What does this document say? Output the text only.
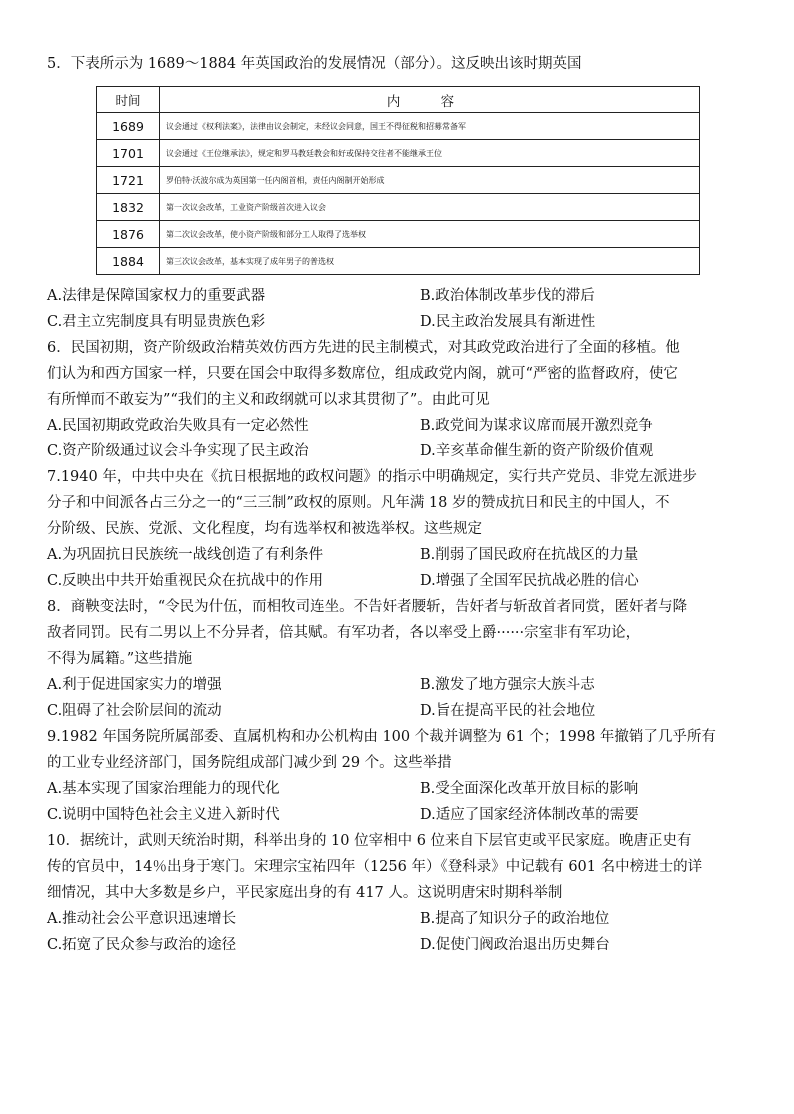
5．下表所示为 1689～1884 年英国政治的发展情况（部分）。这反映出该时期英国
时间	内 容
1689	议会通过《权利法案》，法律由议会制定，未经议会同意，国王不得征税和招募常备军
1701	议会通过《王位继承法》，规定和罗马教廷教会和好或保持交往者不能继承王位
1721	罗伯特·沃波尔成为英国第一任内阁首相，责任内阁制开始形成
1832	第一次议会改革，工业资产阶级首次进入议会
1876	第二次议会改革，使小资产阶级和部分工人取得了选举权
1884	第三次议会改革，基本实现了成年男子的普选权
A.法律是保障国家权力的重要武器	B.政治体制改革步伐的滞后
C.君主立宪制度具有明显贵族色彩	D.民主政治发展具有渐进性
6．民国初期，资产阶级政治精英效仿西方先进的民主制模式，对其政党政治进行了全面的移植。他
们认为和西方国家一样，只要在国会中取得多数席位，组成政党内阁，就可“严密的监督政府，使它
有所惮而不敢妄为”“我们的主义和政纲就可以求其贯彻了”。由此可见
A.民国初期政党政治失败具有一定必然性	B.政党间为谋求议席而展开激烈竞争
C.资产阶级通过议会斗争实现了民主政治	D.辛亥革命催生新的资产阶级价值观
7.1940 年，中共中央在《抗日根据地的政权问题》的指示中明确规定，实行共产党员、非党左派进步
分子和中间派各占三分之一的“三三制”政权的原则。凡年满 18 岁的赞成抗日和民主的中国人，不
分阶级、民族、党派、文化程度，均有选举权和被选举权。这些规定
A.为巩固抗日民族统一战线创造了有利条件	B.削弱了国民政府在抗战区的力量
C.反映出中共开始重视民众在抗战中的作用	D.增强了全国军民抗战必胜的信心
8．商鞅变法时，“令民为什伍，而相牧司连坐。不告奸者腰斩，告奸者与斩敌首者同赏，匿奸者与降
敌者同罚。民有二男以上不分异者，倍其赋。有军功者，各以率受上爵······宗室非有军功论，
不得为属籍。”这些措施
A.利于促进国家实力的增强	B.激发了地方强宗大族斗志
C.阻碍了社会阶层间的流动	D.旨在提高平民的社会地位
9.1982 年国务院所属部委、直属机构和办公机构由 100 个裁并调整为 61 个；1998 年撤销了几乎所有
的工业专业经济部门，国务院组成部门减少到 29 个。这些举措
A.基本实现了国家治理能力的现代化	B.受全面深化改革开放目标的影响
C.说明中国特色社会主义进入新时代	D.适应了国家经济体制改革的需要
10．据统计，武则天统治时期，科举出身的 10 位宰相中 6 位来自下层官吏或平民家庭。晚唐正史有
传的官员中，14％出身于寒门。宋理宗宝祐四年（1256 年）《登科录》中记载有 601 名中榜进士的详
细情况，其中大多数是乡户，平民家庭出身的有 417 人。这说明唐宋时期科举制
A.推动社会公平意识迅速增长	B.提高了知识分子的政治地位
C.拓宽了民众参与政治的途径	D.促使门阀政治退出历史舞台
